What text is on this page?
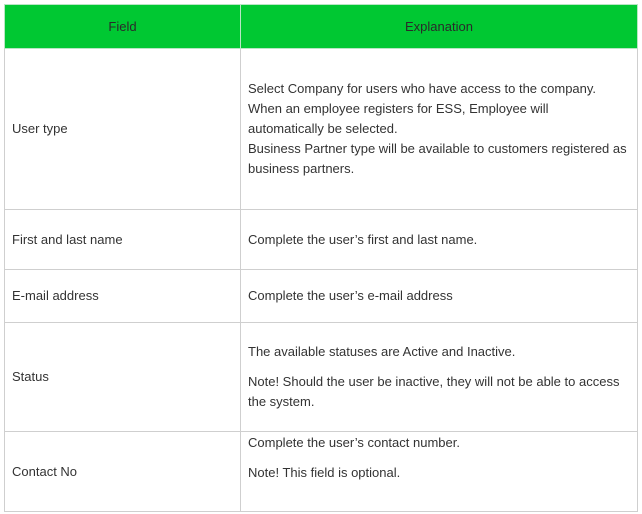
Field	Explanation
User type	Select Company for users who have access to the company.

When an employee registers for ESS, Employee will automatically be selected.

Business Partner type will be available to customers registered as business partners.

First and last name	Complete the user’s first and last name.

E-mail address	Complete the user’s e-mail address

Status	The available statuses are Active and Inactive.

Note! Should the user be inactive, they will not be able to access the system.

Contact No	Complete the user’s contact number.

Note! This field is optional.
